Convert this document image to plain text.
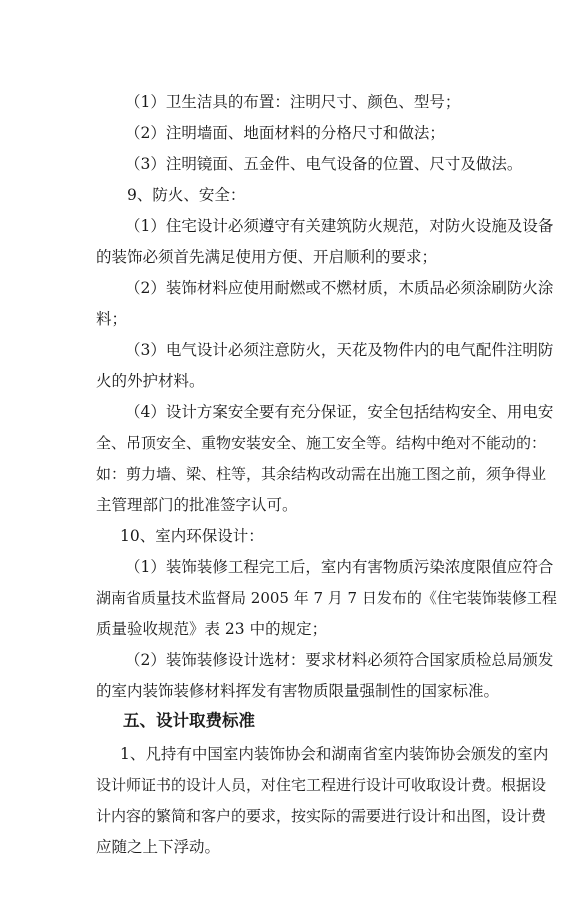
（1）卫生洁具的布置：注明尺寸、颜色、型号；
（2）注明墙面、地面材料的分格尺寸和做法；
（3）注明镜面、五金件、电气设备的位置、尺寸及做法。
9、防火、安全：
（1）住宅设计必须遵守有关建筑防火规范，对防火设施及设备
的装饰必须首先满足使用方便、开启顺利的要求；
（2）装饰材料应使用耐燃或不燃材质，木质品必须涂刷防火涂
料；
（3）电气设计必须注意防火，天花及物件内的电气配件注明防
火的外护材料。
（4）设计方案安全要有充分保证，安全包括结构安全、用电安
全、吊顶安全、重物安装安全、施工安全等。结构中绝对不能动的：
如：剪力墙、梁、柱等，其余结构改动需在出施工图之前，须争得业
主管理部门的批准签字认可。
10、室内环保设计：
（1）装饰装修工程完工后，室内有害物质污染浓度限值应符合
湖南省质量技术监督局 2005 年 7 月 7 日发布的《住宅装饰装修工程
质量验收规范》表 23 中的规定；
（2）装饰装修设计选材：要求材料必须符合国家质检总局颁发
的室内装饰装修材料挥发有害物质限量强制性的国家标准。
五、设计取费标准
1、凡持有中国室内装饰协会和湖南省室内装饰协会颁发的室内
设计师证书的设计人员，对住宅工程进行设计可收取设计费。根据设
计内容的繁简和客户的要求，按实际的需要进行设计和出图，设计费
应随之上下浮动。
